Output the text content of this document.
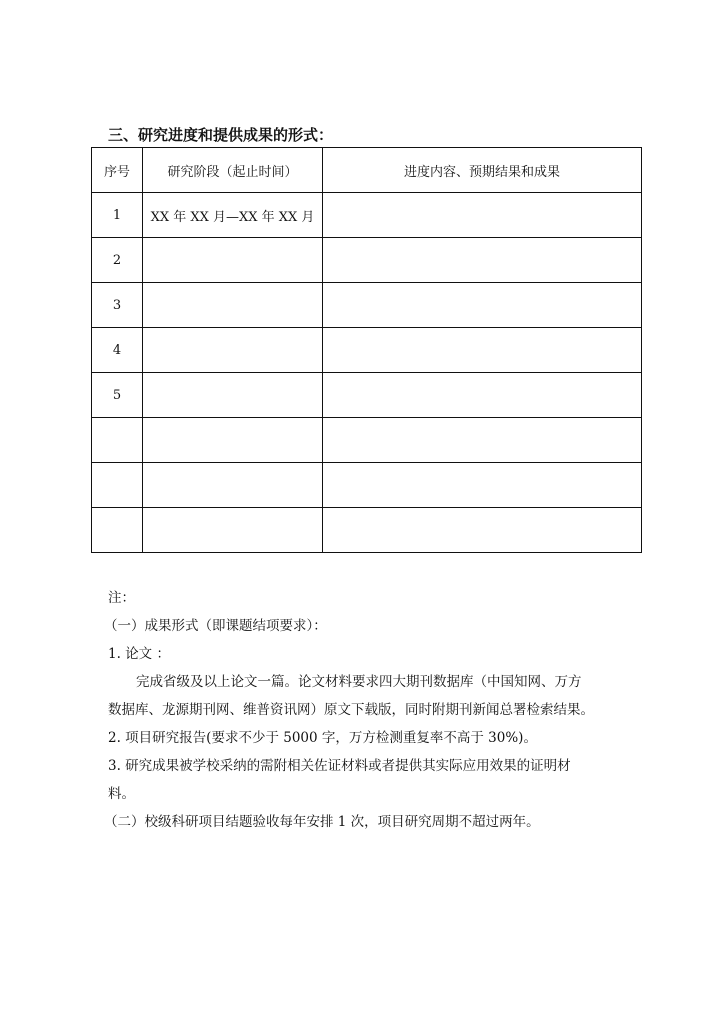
三、研究进度和提供成果的形式：
序号	研究阶段（起止时间）	进度内容、预期结果和成果
1	XX 年 XX 月—XX 年 XX 月	
2		
3		
4		
5		

注：

（一）成果形式（即课题结项要求）：

1. 论文 ：

完成省级及以上论文一篇。论文材料要求四大期刊数据库（中国知网、万方

数据库、龙源期刊网、维普资讯网）原文下载版，同时附期刊新闻总署检索结果。

2. 项目研究报告(要求不少于 5000 字，万方检测重复率不高于 30%)。

3. 研究成果被学校采纳的需附相关佐证材料或者提供其实际应用效果的证明材

料。

（二）校级科研项目结题验收每年安排 1 次，项目研究周期不超过两年。
